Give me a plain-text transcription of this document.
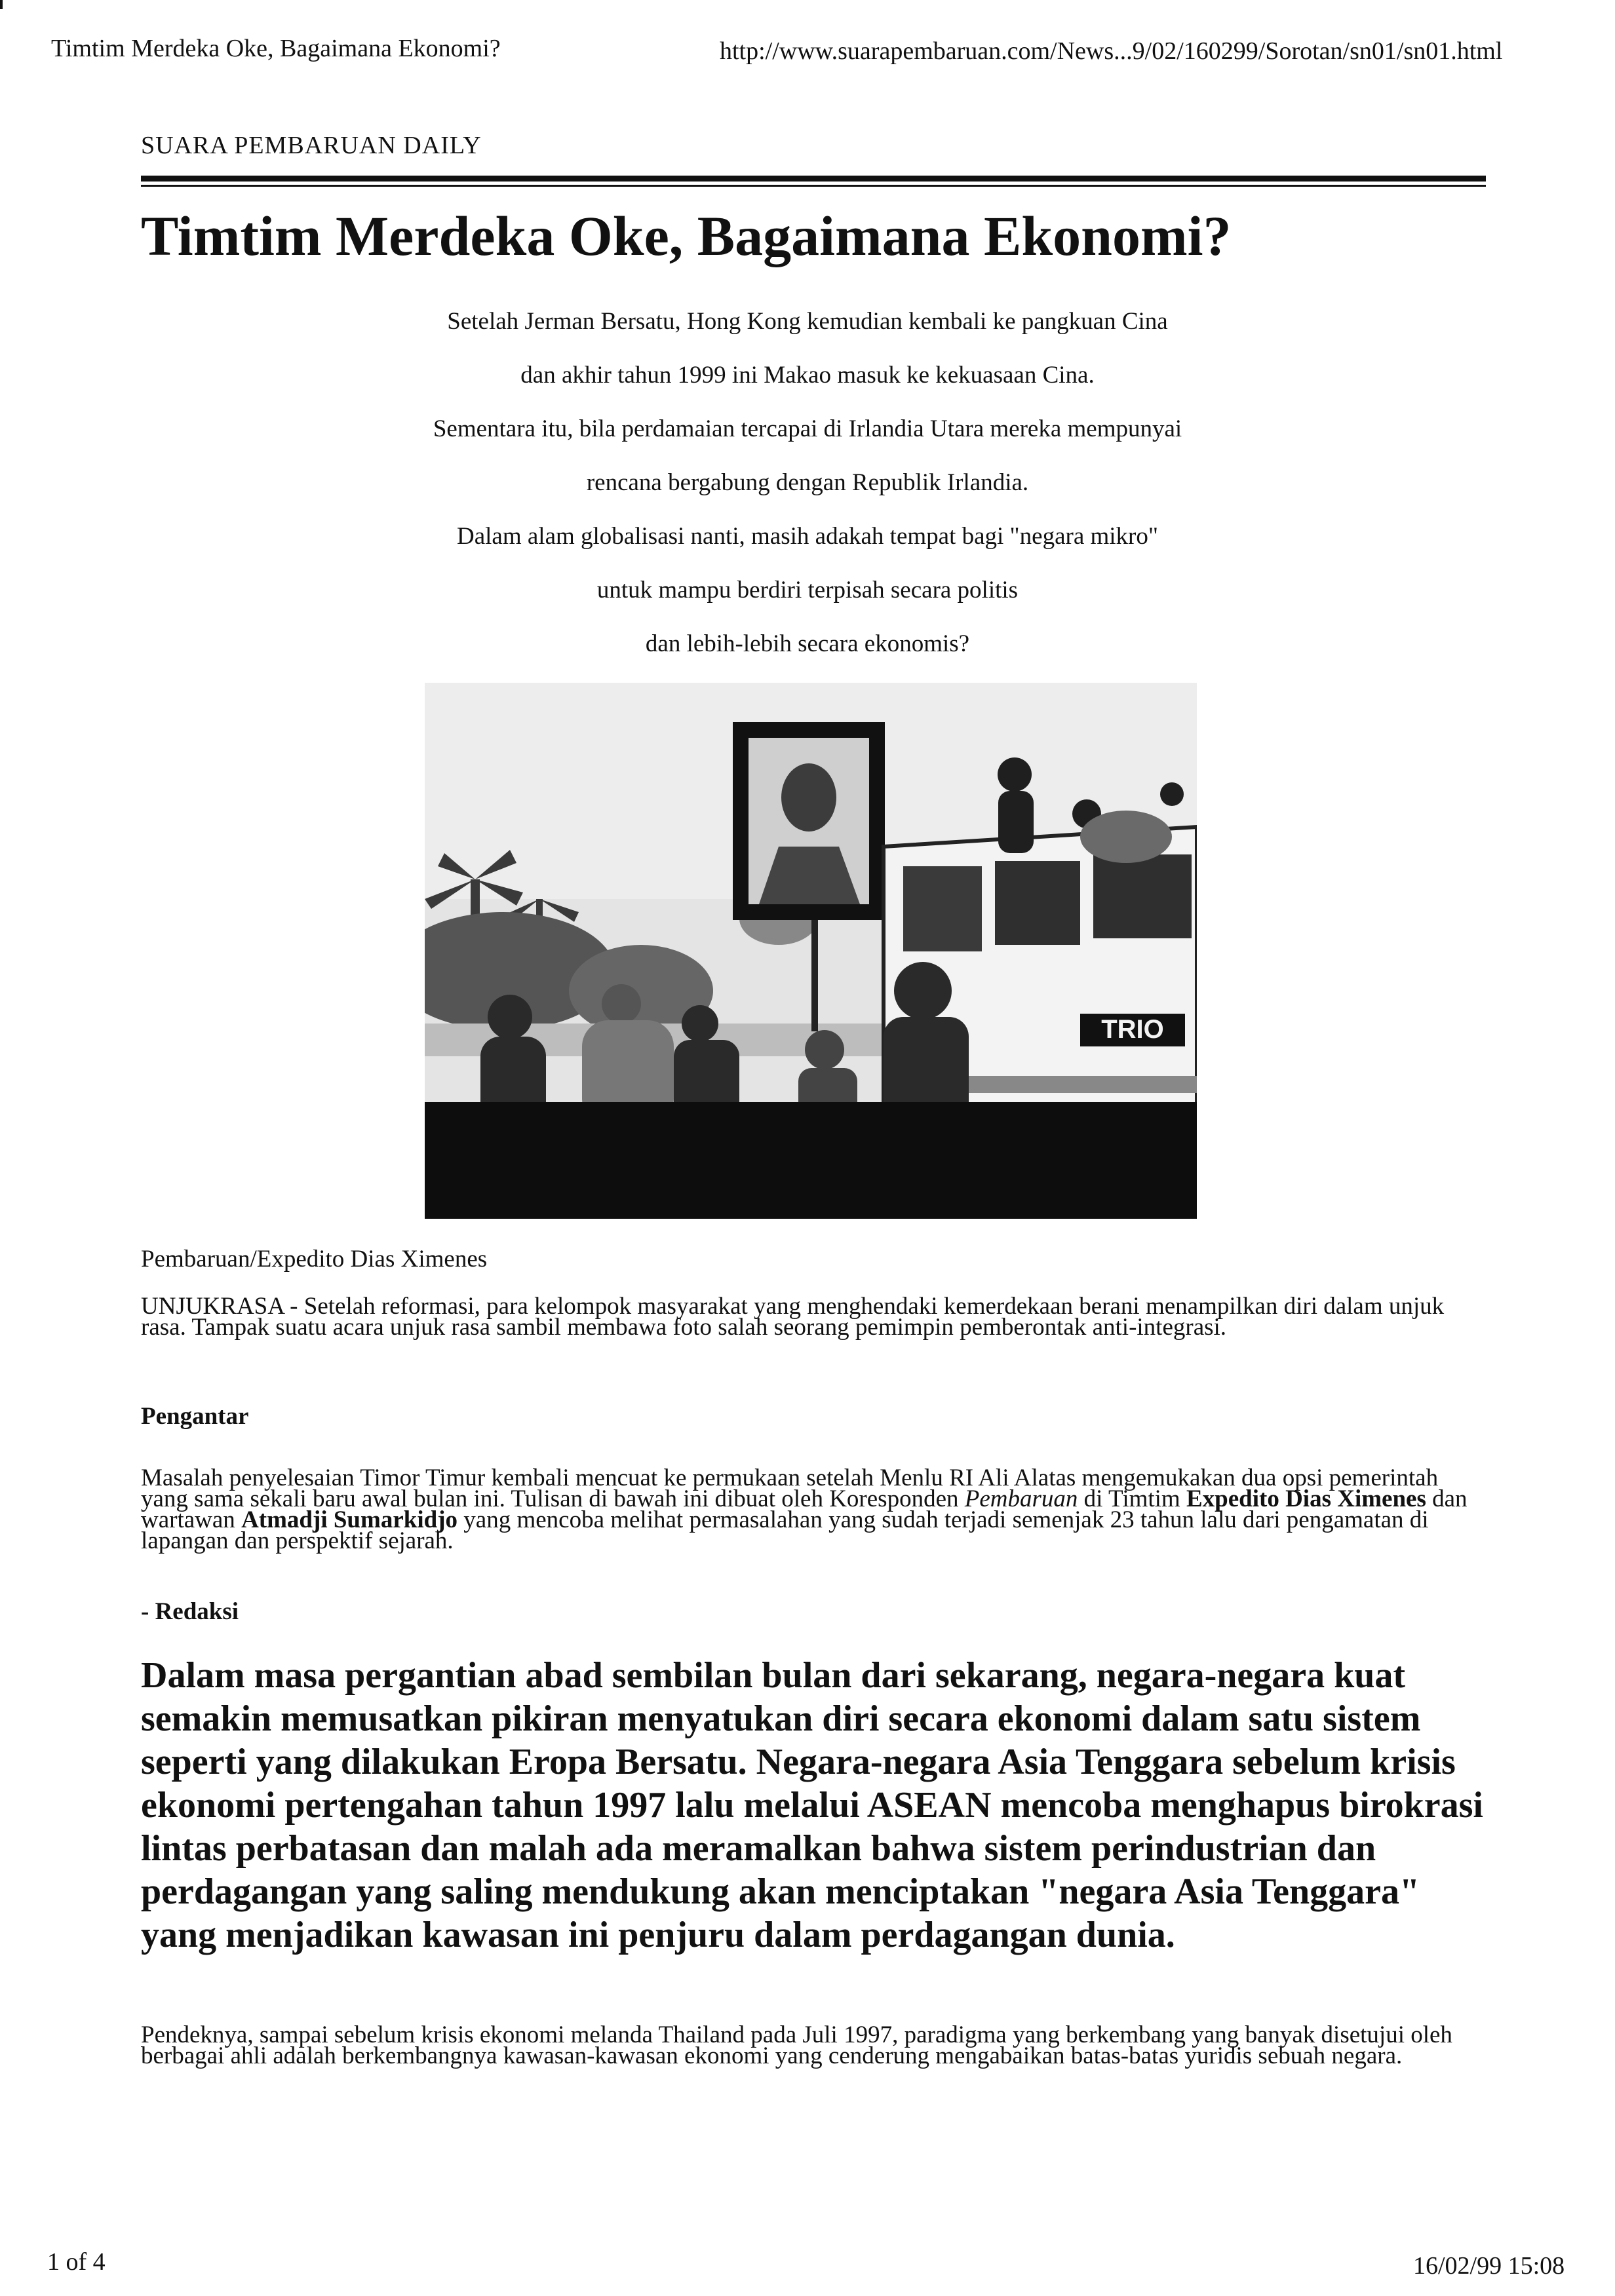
Timtim Merdeka Oke, Bagaimana Ekonomi?	http://www.suarapembaruan.com/News...9/02/160299/Sorotan/sn01/sn01.html
SUARA PEMBARUAN DAILY
Timtim Merdeka Oke, Bagaimana Ekonomi?
Setelah Jerman Bersatu, Hong Kong kemudian kembali ke pangkuan Cina
dan akhir tahun 1999 ini Makao masuk ke kekuasaan Cina.
Sementara itu, bila perdamaian tercapai di Irlandia Utara mereka mempunyai
rencana bergabung dengan Republik Irlandia.
Dalam alam globalisasi nanti, masih adakah tempat bagi "negara mikro"
untuk mampu berdiri terpisah secara politis
dan lebih-lebih secara ekonomis?
TRIO
Pembaruan/Expedito Dias Ximenes

UNJUKRASA - Setelah reformasi, para kelompok masyarakat yang menghendaki kemerdekaan berani menampilkan diri dalam unjuk rasa. Tampak suatu acara unjuk rasa sambil membawa foto salah seorang pemimpin pemberontak anti-integrasi.

Pengantar

Masalah penyelesaian Timor Timur kembali mencuat ke permukaan setelah Menlu RI Ali Alatas mengemukakan dua opsi pemerintah yang sama sekali baru awal bulan ini. Tulisan di bawah ini dibuat oleh Koresponden Pembaruan di Timtim Expedito Dias Ximenes dan wartawan Atmadji Sumarkidjo yang mencoba melihat permasalahan yang sudah terjadi semenjak 23 tahun lalu dari pengamatan di lapangan dan perspektif sejarah.

- Redaksi

Dalam masa pergantian abad sembilan bulan dari sekarang, negara-negara kuat semakin memusatkan pikiran menyatukan diri secara ekonomi dalam satu sistem seperti yang dilakukan Eropa Bersatu. Negara-negara Asia Tenggara sebelum krisis ekonomi pertengahan tahun 1997 lalu melalui ASEAN mencoba menghapus birokrasi lintas perbatasan dan malah ada meramalkan bahwa sistem perindustrian dan perdagangan yang saling mendukung akan menciptakan "negara Asia Tenggara" yang menjadikan kawasan ini penjuru dalam perdagangan dunia.

Pendeknya, sampai sebelum krisis ekonomi melanda Thailand pada Juli 1997, paradigma yang berkembang yang banyak disetujui oleh berbagai ahli adalah berkembangnya kawasan-kawasan ekonomi yang cenderung mengabaikan batas-batas yuridis sebuah negara.

1 of 4	16/02/99 15:08
